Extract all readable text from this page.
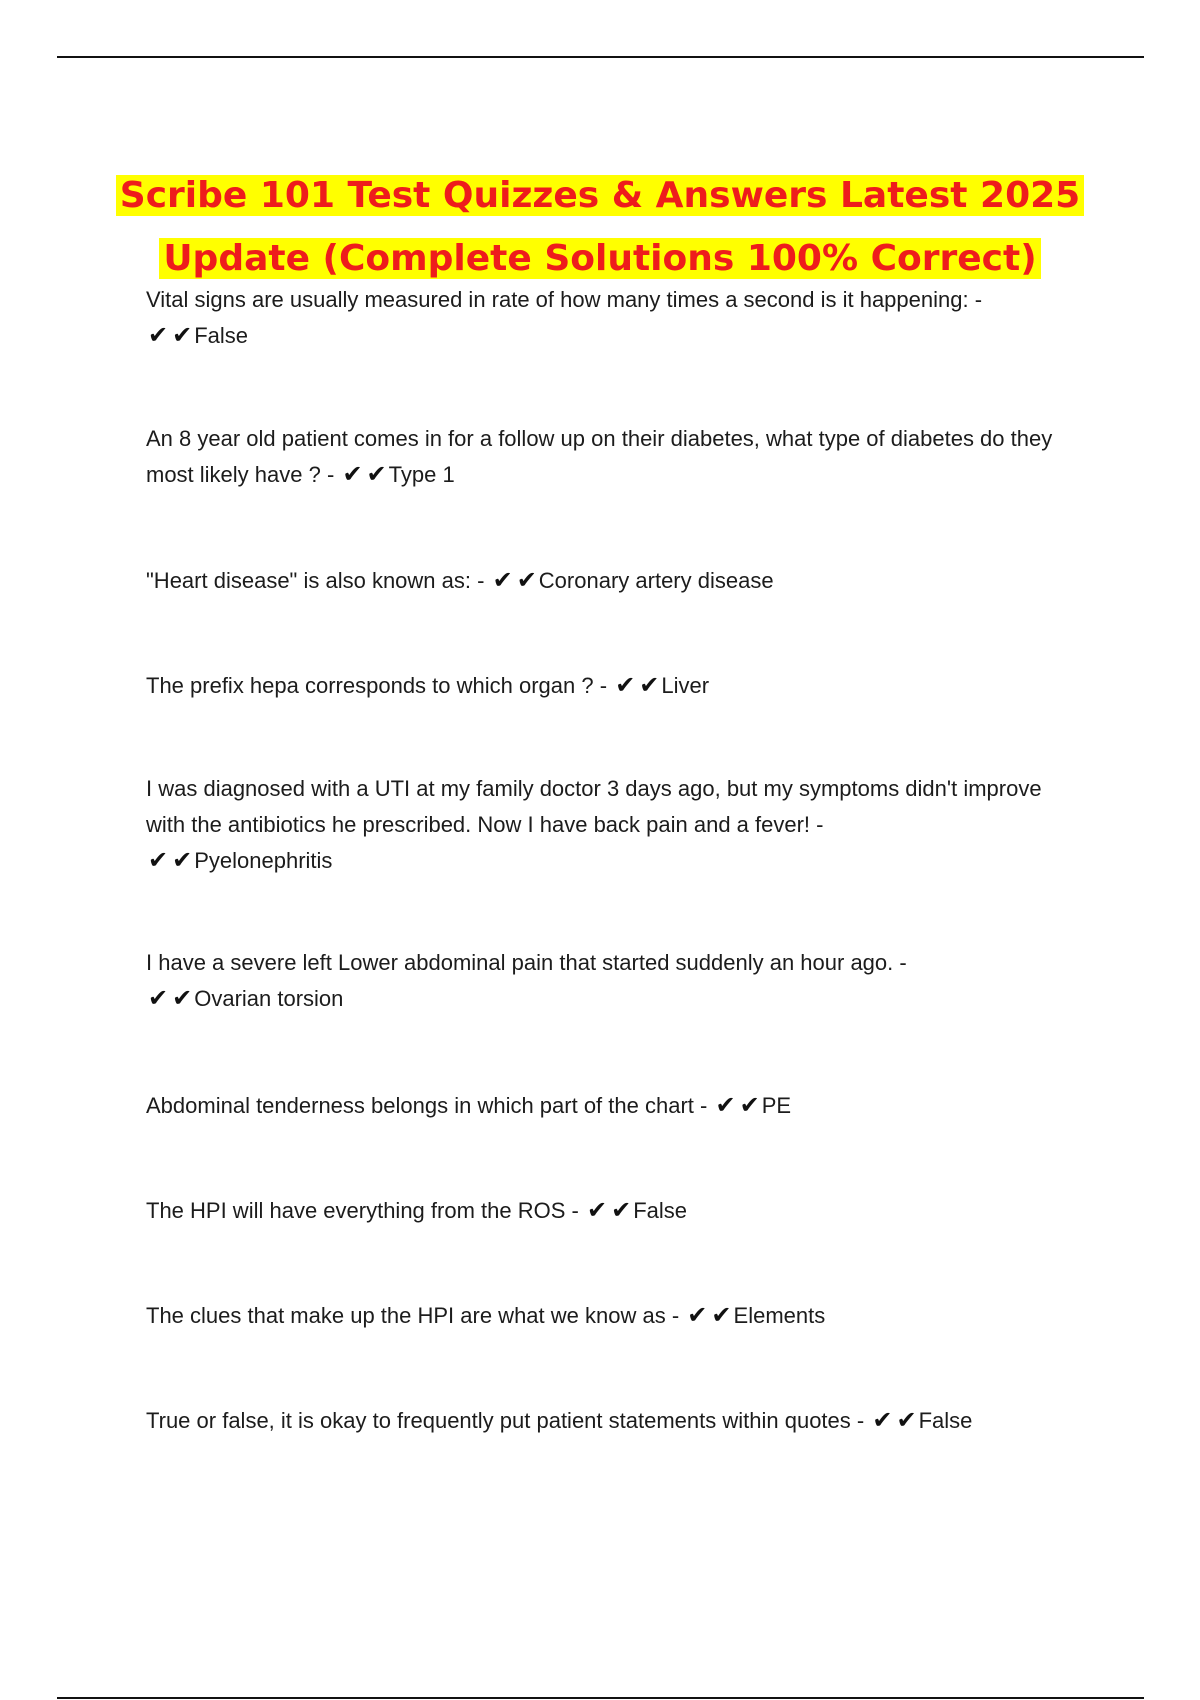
Scribe 101 Test Quizzes & Answers Latest 2025
Update (Complete Solutions 100% Correct)

Vital signs are usually measured in rate of how many times a second is it happening: -
✔ ✔False

An 8 year old patient comes in for a follow up on their diabetes, what type of diabetes do they most likely have ? - ✔ ✔Type 1

"Heart disease" is also known as: - ✔ ✔Coronary artery disease

The prefix hepa corresponds to which organ ? - ✔ ✔Liver

I was diagnosed with a UTI at my family doctor 3 days ago, but my symptoms didn't improve with the antibiotics he prescribed. Now I have back pain and a fever! -
✔ ✔Pyelonephritis

I have a severe left Lower abdominal pain that started suddenly an hour ago. -
✔ ✔Ovarian torsion

Abdominal tenderness belongs in which part of the chart - ✔ ✔PE

The HPI will have everything from the ROS - ✔ ✔False

The clues that make up the HPI are what we know as - ✔ ✔Elements

True or false, it is okay to frequently put patient statements within quotes - ✔ ✔False
